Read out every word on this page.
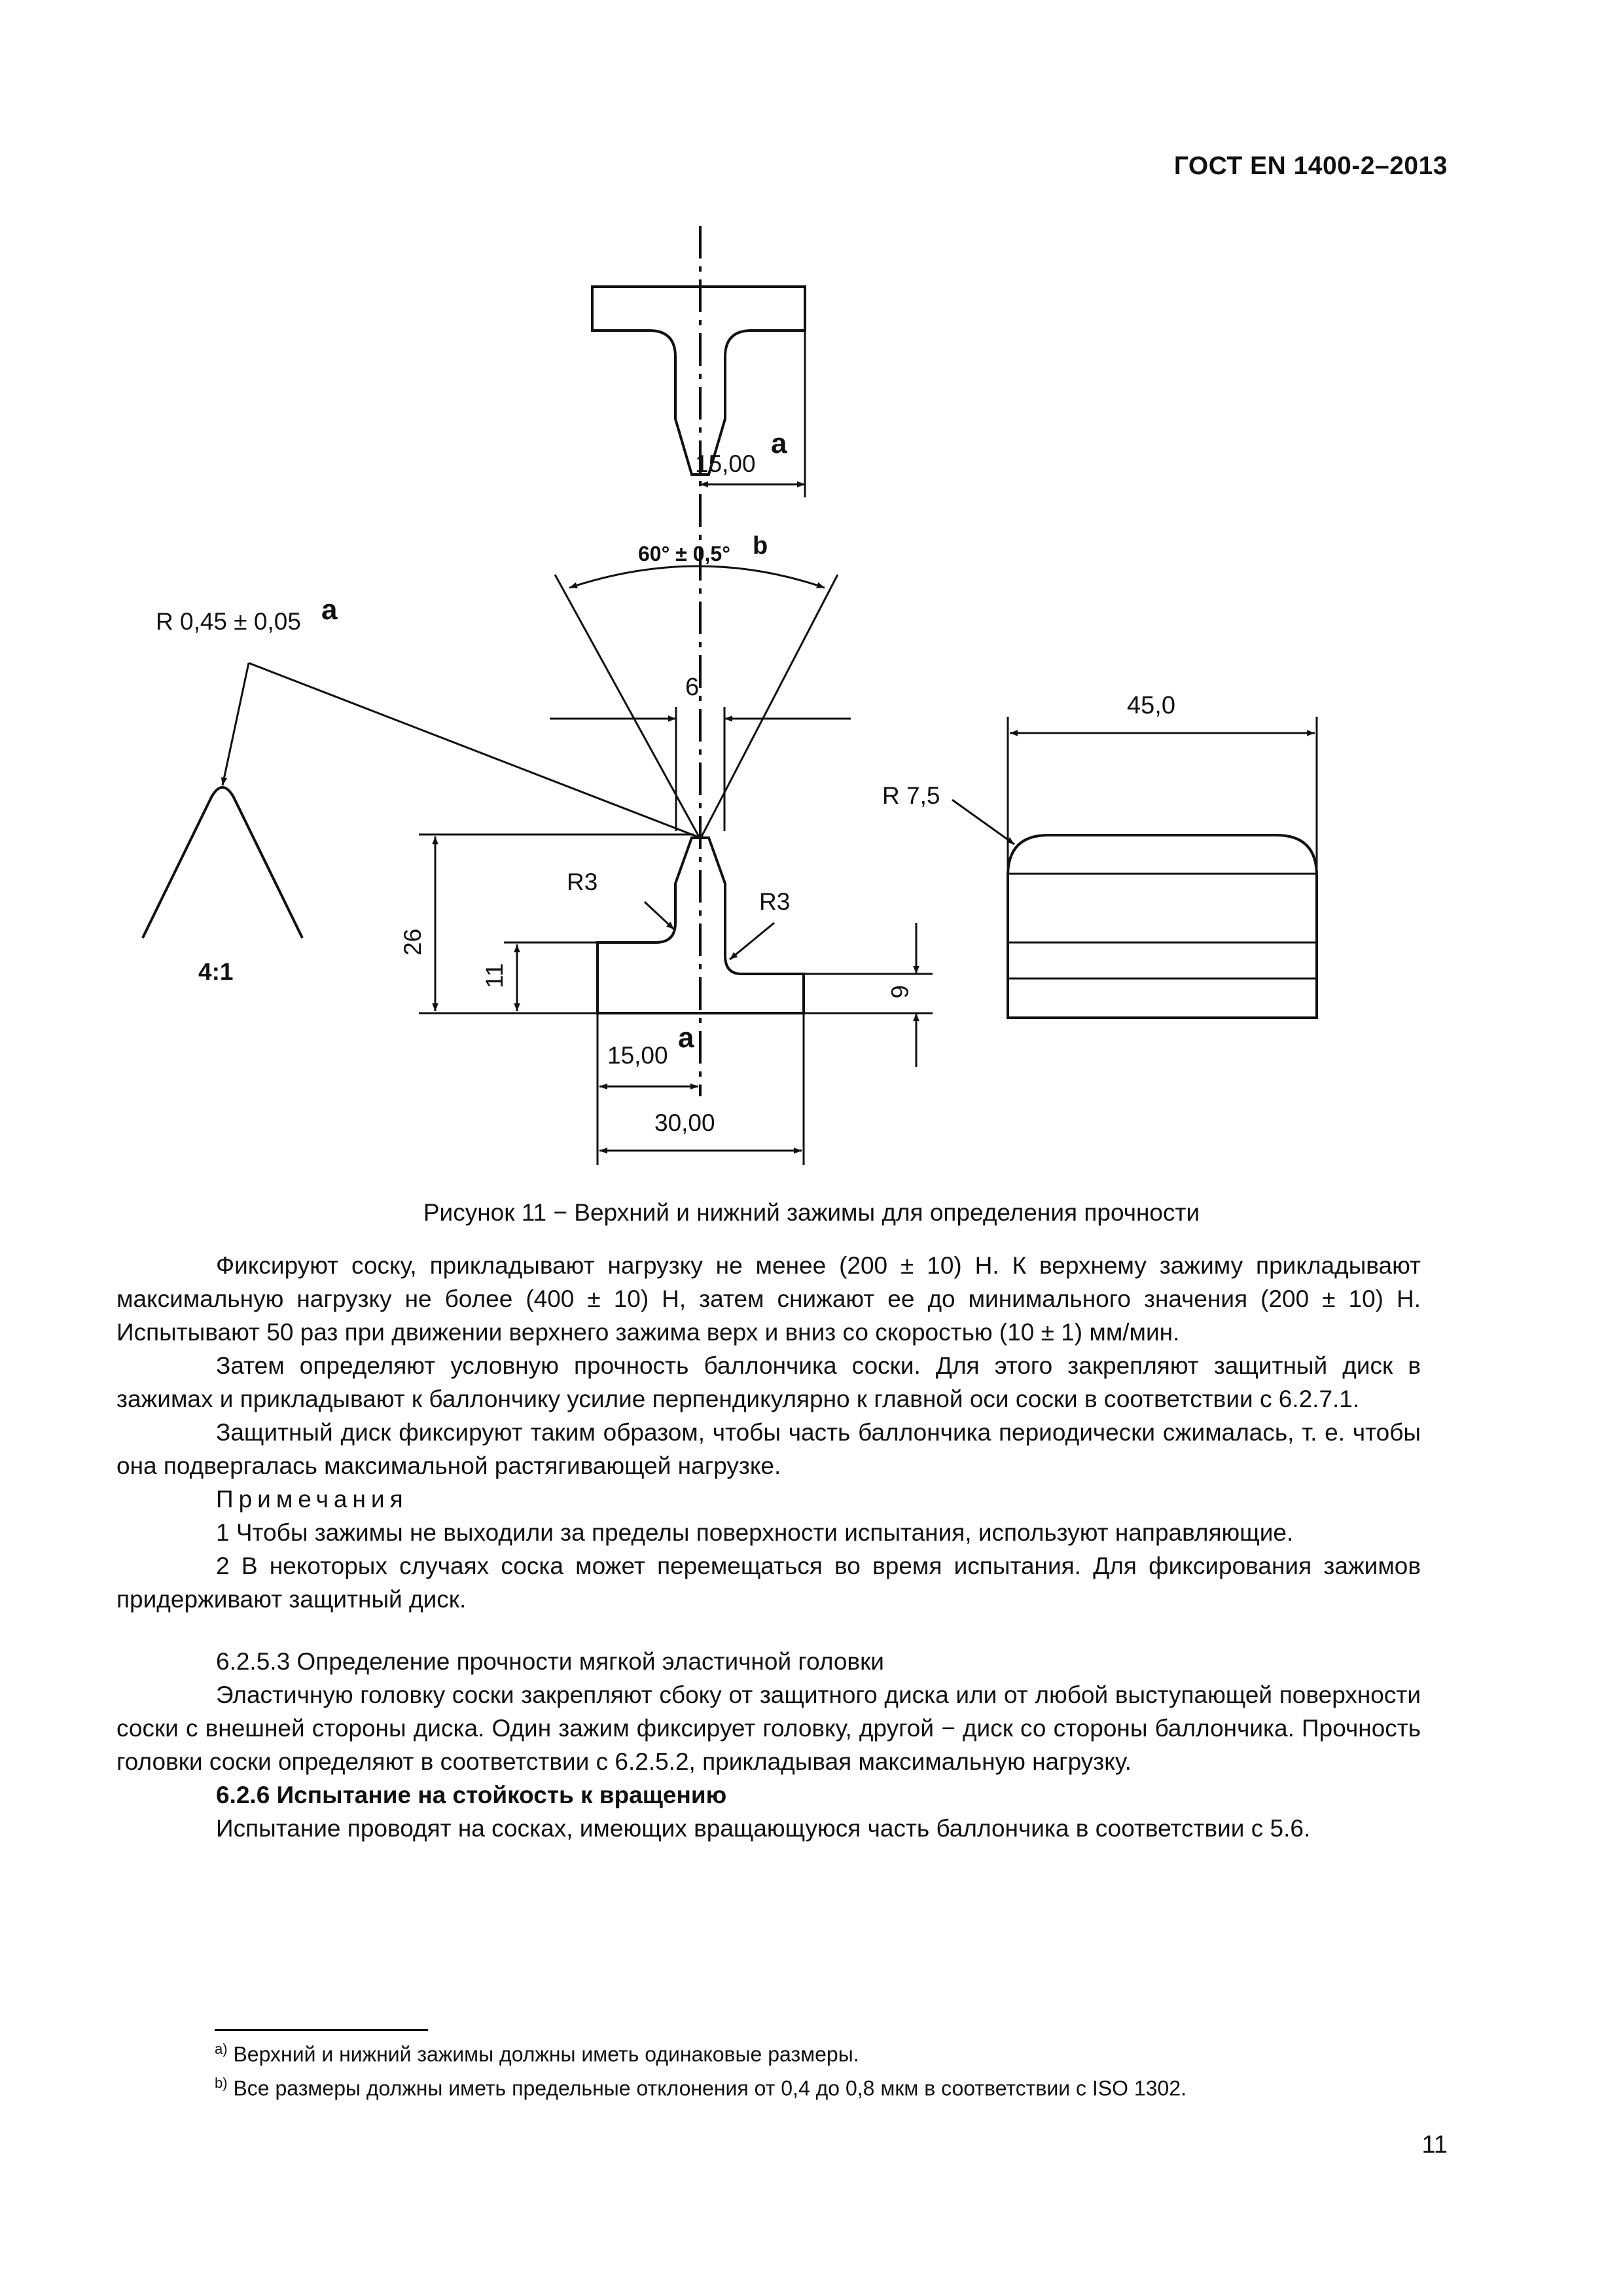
ГОСТ EN 1400-2–2013
15,00
a
60° ± 0,5° b
R 0,45 ± 0,05 a
6
4:1
R3
R3
26
11
6
15,00
a
30,00
45,0
R 7,5
Рисунок 11 − Верхний и нижний зажимы для определения прочности

Фиксируют соску, прикладывают нагрузку не менее (200 ± 10) Н. К верхнему зажиму прикладывают максимальную нагрузку не более (400 ± 10) Н, затем снижают ее до минимального значения (200 ± 10) Н. Испытывают 50 раз при движении верхнего зажима верх и вниз со скоростью (10 ± 1) мм/мин.

Затем определяют условную прочность баллончика соски. Для этого закрепляют защитный диск в зажимах и прикладывают к баллончику усилие перпендикулярно к главной оси соски в соответствии с 6.2.7.1.

Защитный диск фиксируют таким образом, чтобы часть баллончика периодически сжималась, т. е. чтобы она подвергалась максимальной растягивающей нагрузке.

Примечания

1 Чтобы зажимы не выходили за пределы поверхности испытания, используют направляющие.

2 В некоторых случаях соска может перемещаться во время испытания. Для фиксирования зажимов придерживают защитный диск.

6.2.5.3 Определение прочности мягкой эластичной головки

Эластичную головку соски закрепляют сбоку от защитного диска или от любой выступающей поверхности соски с внешней стороны диска. Один зажим фиксирует головку, другой − диск со стороны баллончика. Прочность головки соски определяют в соответствии с 6.2.5.2, прикладывая максимальную нагрузку.

6.2.6 Испытание на стойкость к вращению

Испытание проводят на сосках, имеющих вращающуюся часть баллончика в соответствии с 5.6.

$^{a)}$ Верхний и нижний зажимы должны иметь одинаковые размеры.
$^{b)}$ Все размеры должны иметь предельные отклонения от 0,4 до 0,8 мкм в соответствии с ISO 1302.
11
